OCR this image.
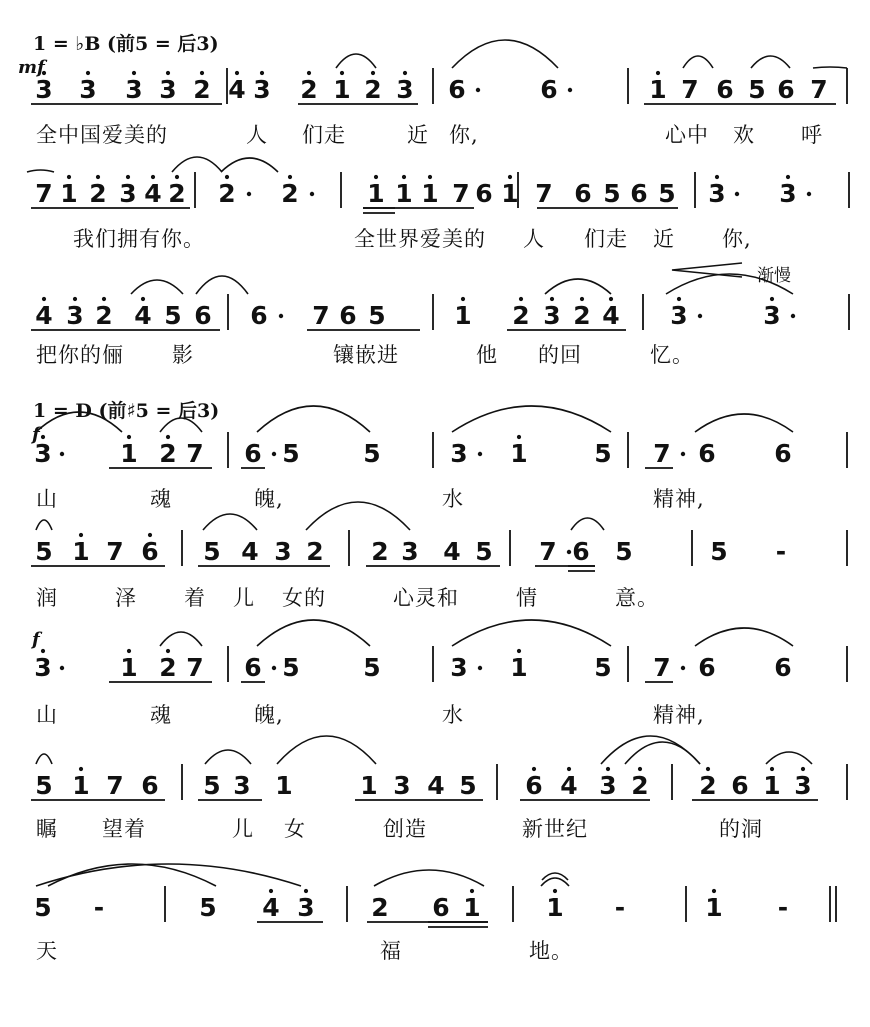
3 3 3 3 2 4 3 2 1 2 3 6	6	1 7 6 5 6 7
7 1 2 3 4 2 2 2	1 1 1 7 6 1 7 6 5 6 5 3 3
4 3 2 4 5 6 6 7 6 5	1 2 3 2 4 3	3
3	1 2 7 6 5	5	3 1	5 7 6 6
5 1 7 6 5 4 3 2 2 3 4 5 7 6 5	5 -
3	1 2 7 6 5	5	3 1	5 7 6 6
5 1 7 6 5 3 1	1 3 4 5 6 4 3 2 2 6 1 3
5 -	5 4 3 2 6 1	1 -	1 -
全中国爱美的	人 们走	近 你,	心中 欢 呼
我们拥有你。	全世界爱美的 人 们走 近 你,
把你的俪 影	镶嵌进	他 的回	忆。
山	魂	魄,	水	精神,
润	泽 着 儿 女的	心灵和	情	意。
山	魂	魄,	水	精神,
瞩 望着	儿 女	创造	新世纪	的洞
天	福	地。
1 = ♭B (前5 = 后3)
mf
1 = D (前♯5 = 后3)
f
f
渐慢
